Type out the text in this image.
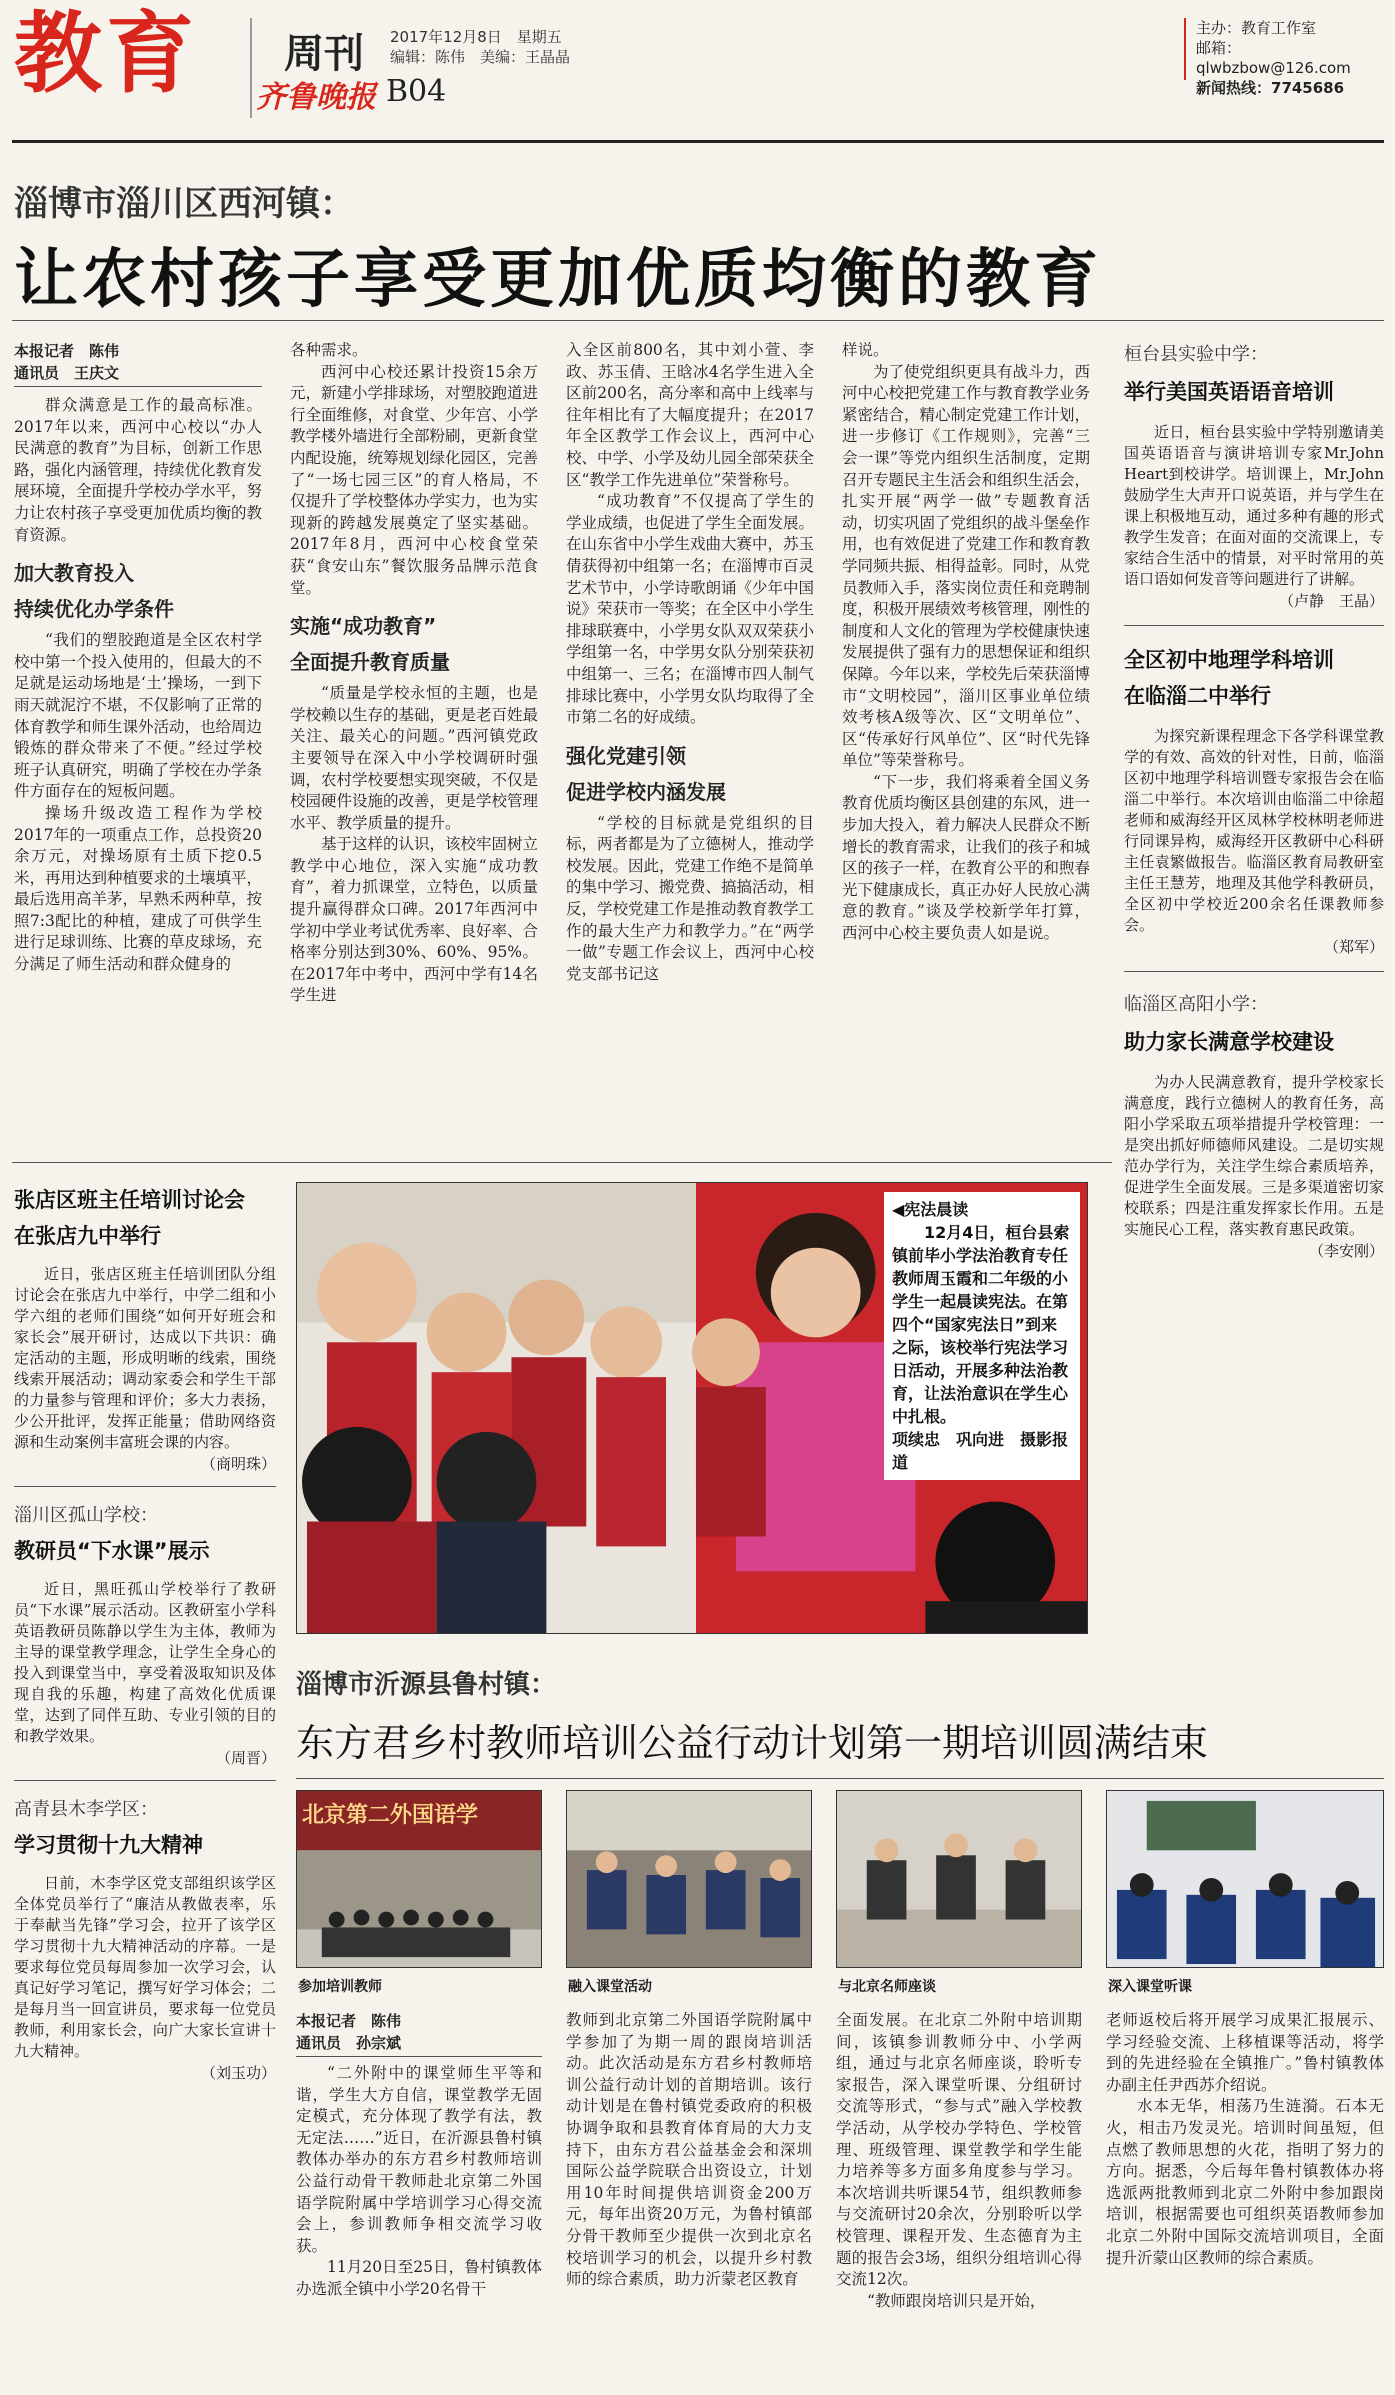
教育 周刊 2017年12月8日　星期五
编辑：陈伟　美编：王晶晶
齐鲁晚报 B04
主办：教育工作室
邮箱：qlwbzbow@126.com
新闻热线：7745686
淄博市淄川区西河镇：
让农村孩子享受更加优质均衡的教育
本报记者　陈伟
通讯员　王庆文

群众满意是工作的最高标准。2017年以来，西河中心校以“办人民满意的教育”为目标，创新工作思路，强化内涵管理，持续优化教育发展环境，全面提升学校办学水平，努力让农村孩子享受更加优质均衡的教育资源。

加大教育投入
持续优化办学条件

“我们的塑胶跑道是全区农村学校中第一个投入使用的，但最大的不足就是运动场地是‘土’操场，一到下雨天就泥泞不堪，不仅影响了正常的体育教学和师生课外活动，也给周边锻炼的群众带来了不便。”经过学校班子认真研究，明确了学校在办学条件方面存在的短板问题。

操场升级改造工程作为学校2017年的一项重点工作，总投资20余万元，对操场原有土质下挖0.5米，再用达到种植要求的土壤填平，最后选用高羊茅，早熟禾两种草，按照7:3配比的种植，建成了可供学生进行足球训练、比赛的草皮球场，充分满足了师生活动和群众健身的

各种需求。

西河中心校还累计投资15余万元，新建小学排球场，对塑胶跑道进行全面维修，对食堂、少年宫、小学教学楼外墙进行全部粉刷，更新食堂内配设施，统筹规划绿化园区，完善了“一场七园三区”的育人格局，不仅提升了学校整体办学实力，也为实现新的跨越发展奠定了坚实基础。2017年8月，西河中心校食堂荣获“食安山东”餐饮服务品牌示范食堂。

实施“成功教育”
全面提升教育质量

“质量是学校永恒的主题，也是学校赖以生存的基础，更是老百姓最关注、最关心的问题。”西河镇党政主要领导在深入中小学校调研时强调，农村学校要想实现突破，不仅是校园硬件设施的改善，更是学校管理水平、教学质量的提升。

基于这样的认识，该校牢固树立教学中心地位，深入实施“成功教育”，着力抓课堂，立特色，以质量提升赢得群众口碑。2017年西河中学初中学业考试优秀率、良好率、合格率分别达到30%、60%、95%。在2017年中考中，西河中学有14名学生进

入全区前800名，其中刘小萱、李政、苏玉倩、王晗冰4名学生进入全区前200名，高分率和高中上线率与往年相比有了大幅度提升；在2017年全区教学工作会议上，西河中心校、中学、小学及幼儿园全部荣获全区“教学工作先进单位”荣誉称号。

“成功教育”不仅提高了学生的学业成绩，也促进了学生全面发展。在山东省中小学生戏曲大赛中，苏玉倩获得初中组第一名；在淄博市百灵艺术节中，小学诗歌朗诵《少年中国说》荣获市一等奖；在全区中小学生排球联赛中，小学男女队双双荣获小学组第一名，中学男女队分别荣获初中组第一、三名；在淄博市四人制气排球比赛中，小学男女队均取得了全市第二名的好成绩。

强化党建引领
促进学校内涵发展

“学校的目标就是党组织的目标，两者都是为了立德树人，推动学校发展。因此，党建工作绝不是简单的集中学习、搬党费、搞搞活动，相反，学校党建工作是推动教育教学工作的最大生产力和教学力。”在“两学一做”专题工作会议上，西河中心校党支部书记这

样说。

为了使党组织更具有战斗力，西河中心校把党建工作与教育教学业务紧密结合，精心制定党建工作计划，进一步修订《工作规则》，完善“三会一课”等党内组织生活制度，定期召开专题民主生活会和组织生活会，扎实开展“两学一做”专题教育活动，切实巩固了党组织的战斗堡垒作用，也有效促进了党建工作和教育教学同频共振、相得益彰。同时，从党员教师入手，落实岗位责任和竞聘制度，积极开展绩效考核管理，刚性的制度和人文化的管理为学校健康快速发展提供了强有力的思想保证和组织保障。今年以来，学校先后荣获淄博市“文明校园”，淄川区事业单位绩效考核A级等次、区“文明单位”、区“传承好行风单位”、区“时代先锋单位”等荣誉称号。

“下一步，我们将乘着全国义务教育优质均衡区县创建的东风，进一步加大投入，着力解决人民群众不断增长的教育需求，让我们的孩子和城区的孩子一样，在教育公平的和煦春光下健康成长，真正办好人民放心满意的教育。”谈及学校新学年打算，西河中心校主要负责人如是说。

桓台县实验中学：
举行美国英语语音培训

近日，桓台县实验中学特别邀请美国英语语音与演讲培训专家Mr.John Heart到校讲学。培训课上，Mr.John鼓励学生大声开口说英语，并与学生在课上积极地互动，通过多种有趣的形式教学生发音；在面对面的交流课上，专家结合生活中的情景，对平时常用的英语口语如何发音等问题进行了讲解。

（卢静　王晶）
全区初中地理学科培训
在临淄二中举行

为探究新课程理念下各学科课堂教学的有效、高效的针对性，日前，临淄区初中地理学科培训暨专家报告会在临淄二中举行。本次培训由临淄二中徐超老师和威海经开区凤林学校林明老师进行同课异构，威海经开区教研中心科研主任袁繁做报告。临淄区教育局教研室主任王慧芳，地理及其他学科教研员，全区初中学校近200余名任课教师参会。

（郑军）
临淄区高阳小学：
助力家长满意学校建设

为办人民满意教育，提升学校家长满意度，践行立德树人的教育任务，高阳小学采取五项举措提升学校管理：一是突出抓好师德师风建设。二是切实规范办学行为，关注学生综合素质培养，促进学生全面发展。三是多渠道密切家校联系；四是注重发挥家长作用。五是实施民心工程，落实教育惠民政策。

（李安刚）
张店区班主任培训讨论会
在张店九中举行

近日，张店区班主任培训团队分组讨论会在张店九中举行，中学二组和小学六组的老师们围绕“如何开好班会和家长会”展开研讨，达成以下共识：确定活动的主题，形成明晰的线索，围绕线索开展活动；调动家委会和学生干部的力量参与管理和评价；多大力表扬，少公开批评，发挥正能量；借助网络资源和生动案例丰富班会课的内容。

（商明珠）
淄川区孤山学校：
教研员“下水课”展示

近日，黑旺孤山学校举行了教研员“下水课”展示活动。区教研室小学科英语教研员陈静以学生为主体，教师为主导的课堂教学理念，让学生全身心的投入到课堂当中，享受着汲取知识及体现自我的乐趣，构建了高效化优质课堂，达到了同伴互助、专业引领的目的和教学效果。

（周晋）
高青县木李学区：
学习贯彻十九大精神

日前，木李学区党支部组织该学区全体党员举行了“廉洁从教做表率，乐于奉献当先锋”学习会，拉开了该学区学习贯彻十九大精神活动的序幕。一是要求每位党员每周参加一次学习会，认真记好学习笔记，撰写好学习体会；二是每月当一回宣讲员，要求每一位党员教师，利用家长会，向广大家长宣讲十九大精神。

（刘玉功）
◀宪法晨读
12月4日，桓台县索镇前毕小学法治教育专任教师周玉霞和二年级的小学生一起晨读宪法。在第四个“国家宪法日”到来之际，该校举行宪法学习日活动，开展多种法治教育，让法治意识在学生心中扎根。
项续忠　巩向进　摄影报道
淄博市沂源县鲁村镇：
东方君乡村教师培训公益行动计划第一期培训圆满结束
北京第二外国语学
参加培训教师	融入课堂活动	与北京名师座谈	深入课堂听课
本报记者　陈伟
通讯员　孙宗斌

“二外附中的课堂师生平等和谐，学生大方自信，课堂教学无固定模式，充分体现了教学有法，教无定法……”近日，在沂源县鲁村镇教体办举办的东方君乡村教师培训公益行动骨干教师赴北京第二外国语学院附属中学培训学习心得交流会上，参训教师争相交流学习收获。

11月20日至25日，鲁村镇教体办选派全镇中小学20名骨干

教师到北京第二外国语学院附属中学参加了为期一周的跟岗培训活动。此次活动是东方君乡村教师培训公益行动计划的首期培训。该行动计划是在鲁村镇党委政府的积极协调争取和县教育体育局的大力支持下，由东方君公益基金会和深圳国际公益学院联合出资设立，计划用10年时间提供培训资金200万元，每年出资20万元，为鲁村镇部分骨干教师至少提供一次到北京名校培训学习的机会，以提升乡村教师的综合素质，助力沂蒙老区教育
全面发展。在北京二外附中培训期间，该镇参训教师分中、小学两组，通过与北京名师座谈，聆听专家报告，深入课堂听课、分组研讨交流等形式，“参与式”融入学校教学活动，从学校办学特色、学校管理、班级管理、课堂教学和学生能力培养等多方面多角度参与学习。本次培训共听课54节，组织教师参与交流研讨20余次，分别聆听以学校管理、课程开发、生态德育为主题的报告会3场，组织分组培训心得交流12次。

“教师跟岗培训只是开始，

老师返校后将开展学习成果汇报展示、学习经验交流、上移植课等活动，将学到的先进经验在全镇推广。”鲁村镇教体办副主任尹西苏介绍说。

水本无华，相荡乃生涟漪。石本无火，相击乃发灵光。培训时间虽短，但点燃了教师思想的火花，指明了努力的方向。据悉，今后每年鲁村镇教体办将选派两批教师到北京二外附中参加跟岗培训，根据需要也可组织英语教师参加北京二外附中国际交流培训项目，全面提升沂蒙山区教师的综合素质。
